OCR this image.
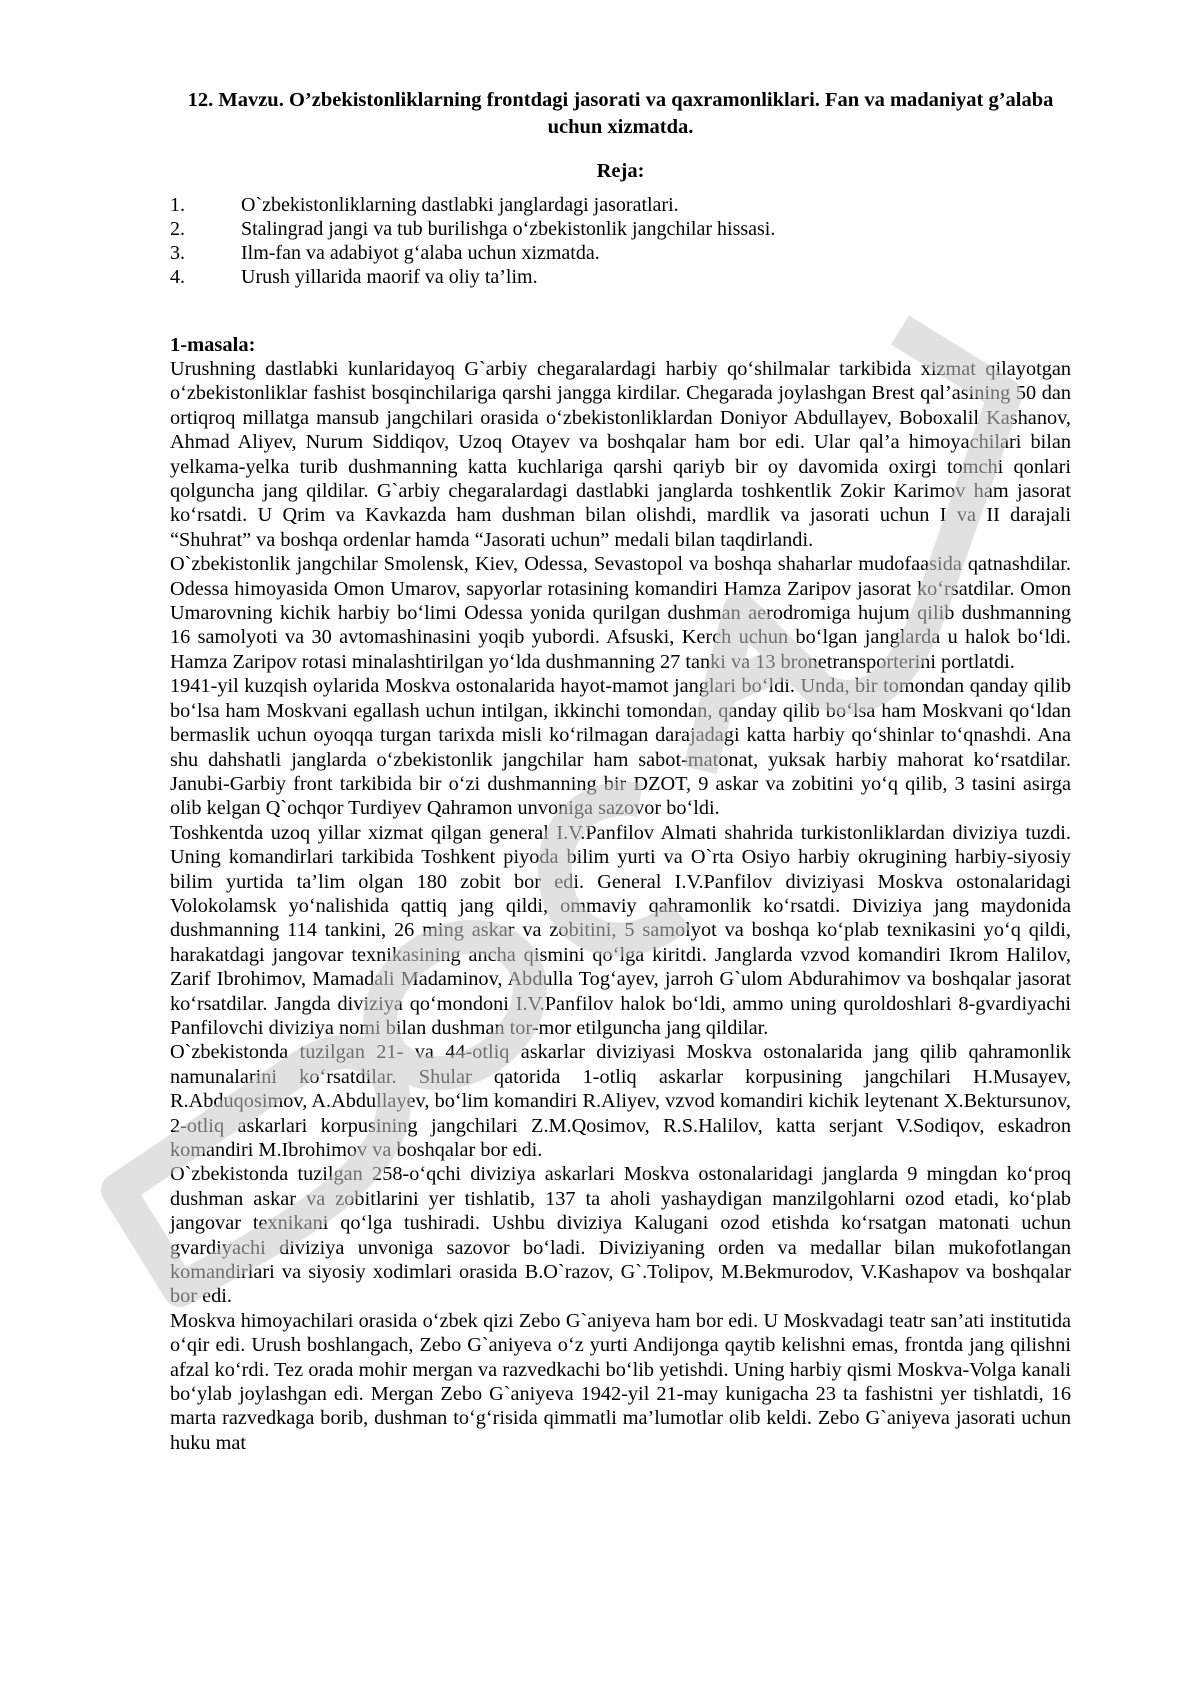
12. Mavzu. O’zbekistonliklarning frontdagi jasorati va qaxramonliklari. Fan va madaniyat g’alaba uchun xizmatda.
Reja:
1.	O`zbekistonliklarning dastlabki janglardagi jasoratlari.
2.	Stalingrad jangi va tub burilishga o‘zbekistonlik jangchilar hissasi.
3.	Ilm-fan va adabiyot g‘alaba uchun xizmatda.
4.	Urush yillarida maorif va oliy ta’lim.
1-masala:

Urushning dastlabki kunlaridayoq G`arbiy chegaralardagi harbiy qo‘shilmalar tarkibida xizmat qilayotgan o‘zbekistonliklar fashist bosqinchilariga qarshi jangga kirdilar. Chegarada joylashgan Brest qal’asining 50 dan ortiqroq millatga mansub jangchilari orasida o‘zbekistonliklardan Doniyor Abdullayev, Boboxalil Kashanov, Ahmad Aliyev, Nurum Siddiqov, Uzoq Otayev va boshqalar ham bor edi. Ular qal’a himoyachilari bilan yelkama-yelka turib dushmanning katta kuchlariga qarshi qariyb bir oy davomida oxirgi tomchi qonlari qolguncha jang qildilar. G`arbiy chegaralardagi dastlabki janglarda toshkentlik Zokir Karimov ham jasorat ko‘rsatdi. U Qrim va Kavkazda ham dushman bilan olishdi, mardlik va jasorati uchun I va II darajali “Shuhrat” va boshqa ordenlar hamda “Jasorati uchun” medali bilan taqdirlandi.

O`zbekistonlik jangchilar Smolensk, Kiev, Odessa, Sevastopol va boshqa shaharlar mudofaasida qatnashdilar. Odessa himoyasida Omon Umarov, sapyorlar rotasining komandiri Hamza Zaripov jasorat ko‘rsatdilar. Omon Umarovning kichik harbiy bo‘limi Odessa yonida qurilgan dushman aerodromiga hujum qilib dushmanning 16 samolyoti va 30 avtomashinasini yoqib yubordi. Afsuski, Kerch uchun bo‘lgan janglarda u halok bo‘ldi. Hamza Zaripov rotasi minalashtirilgan yo‘lda dushmanning 27 tanki va 13 bronetransporterini portlatdi.

1941-yil kuzqish oylarida Moskva ostonalarida hayot-mamot janglari bo‘ldi. Unda, bir tomondan qanday qilib bo‘lsa ham Moskvani egallash uchun intilgan, ikkinchi tomondan, qanday qilib bo‘lsa ham Moskvani qo‘ldan bermaslik uchun oyoqqa turgan tarixda misli ko‘rilmagan darajadagi katta harbiy qo‘shinlar to‘qnashdi. Ana shu dahshatli janglarda o‘zbekistonlik jangchilar ham sabot-matonat, yuksak harbiy mahorat ko‘rsatdilar. Janubi-Garbiy front tarkibida bir o‘zi dushmanning bir DZOT, 9 askar va zobitini yo‘q qilib, 3 tasini asirga olib kelgan Q`ochqor Turdiyev Qahramon unvoniga sazovor bo‘ldi.

Toshkentda uzoq yillar xizmat qilgan general I.V.Panfilov Almati shahrida turkistonliklardan diviziya tuzdi. Uning komandirlari tarkibida Toshkent piyoda bilim yurti va O`rta Osiyo harbiy okrugining harbiy-siyosiy bilim yurtida ta’lim olgan 180 zobit bor edi. General I.V.Panfilov diviziyasi Moskva ostonalaridagi Volokolamsk yo‘nalishida qattiq jang qildi, ommaviy qahramonlik ko‘rsatdi. Diviziya jang maydonida dushmanning 114 tankini, 26 ming askar va zobitini, 5 samolyot va boshqa ko‘plab texnikasini yo‘q qildi, harakatdagi jangovar texnikasining ancha qismini qo‘lga kiritdi. Janglarda vzvod komandiri Ikrom Halilov, Zarif Ibrohimov, Mamadali Madaminov, Abdulla Tog‘ayev, jarroh G`ulom Abdurahimov va boshqalar jasorat ko‘rsatdilar. Jangda diviziya qo‘mondoni I.V.Panfilov halok bo‘ldi, ammo uning quroldoshlari 8-gvardiyachi Panfilovchi diviziya nomi bilan dushman tor-mor etilguncha jang qildilar.

O`zbekistonda tuzilgan 21- va 44-otliq askarlar diviziyasi Moskva ostonalarida jang qilib qahramonlik namunalarini ko‘rsatdilar. Shular qatorida 1-otliq askarlar korpusining jangchilari H.Musayev, R.Abduqosimov, A.Abdullayev, bo‘lim komandiri R.Aliyev, vzvod komandiri kichik leytenant X.Bektursunov, 2-otliq askarlari korpusining jangchilari Z.M.Qosimov, R.S.Halilov, katta serjant V.Sodiqov, eskadron komandiri M.Ibrohimov va boshqalar bor edi.

O`zbekistonda tuzilgan 258-o‘qchi diviziya askarlari Moskva ostonalaridagi janglarda 9 mingdan ko‘proq dushman askar va zobitlarini yer tishlatib, 137 ta aholi yashaydigan manzilgohlarni ozod etadi, ko‘plab jangovar texnikani qo‘lga tushiradi. Ushbu diviziya Kalugani ozod etishda ko‘rsatgan matonati uchun gvardiyachi diviziya unvoniga sazovor bo‘ladi. Diviziyaning orden va medallar bilan mukofotlangan komandirlari va siyosiy xodimlari orasida B.O`razov, G`.Tolipov, M.Bekmurodov, V.Kashapov va boshqalar bor edi.

Moskva himoyachilari orasida o‘zbek qizi Zebo G`aniyeva ham bor edi. U Moskvadagi teatr san’ati institutida o‘qir edi. Urush boshlangach, Zebo G`aniyeva o‘z yurti Andijonga qaytib kelishni emas, frontda jang qilishni afzal ko‘rdi. Tez orada mohir mergan va razvedkachi bo‘lib yetishdi. Uning harbiy qismi Moskva-Volga kanali bo‘ylab joylashgan edi. Mergan Zebo G`aniyeva 1942-yil 21-may kunigacha 23 ta fashistni yer tishlatdi, 16 marta razvedkaga borib, dushman to‘g‘risida qimmatli ma’lumotlar olib keldi. Zebo G`aniyeva jasorati uchun huku mat
